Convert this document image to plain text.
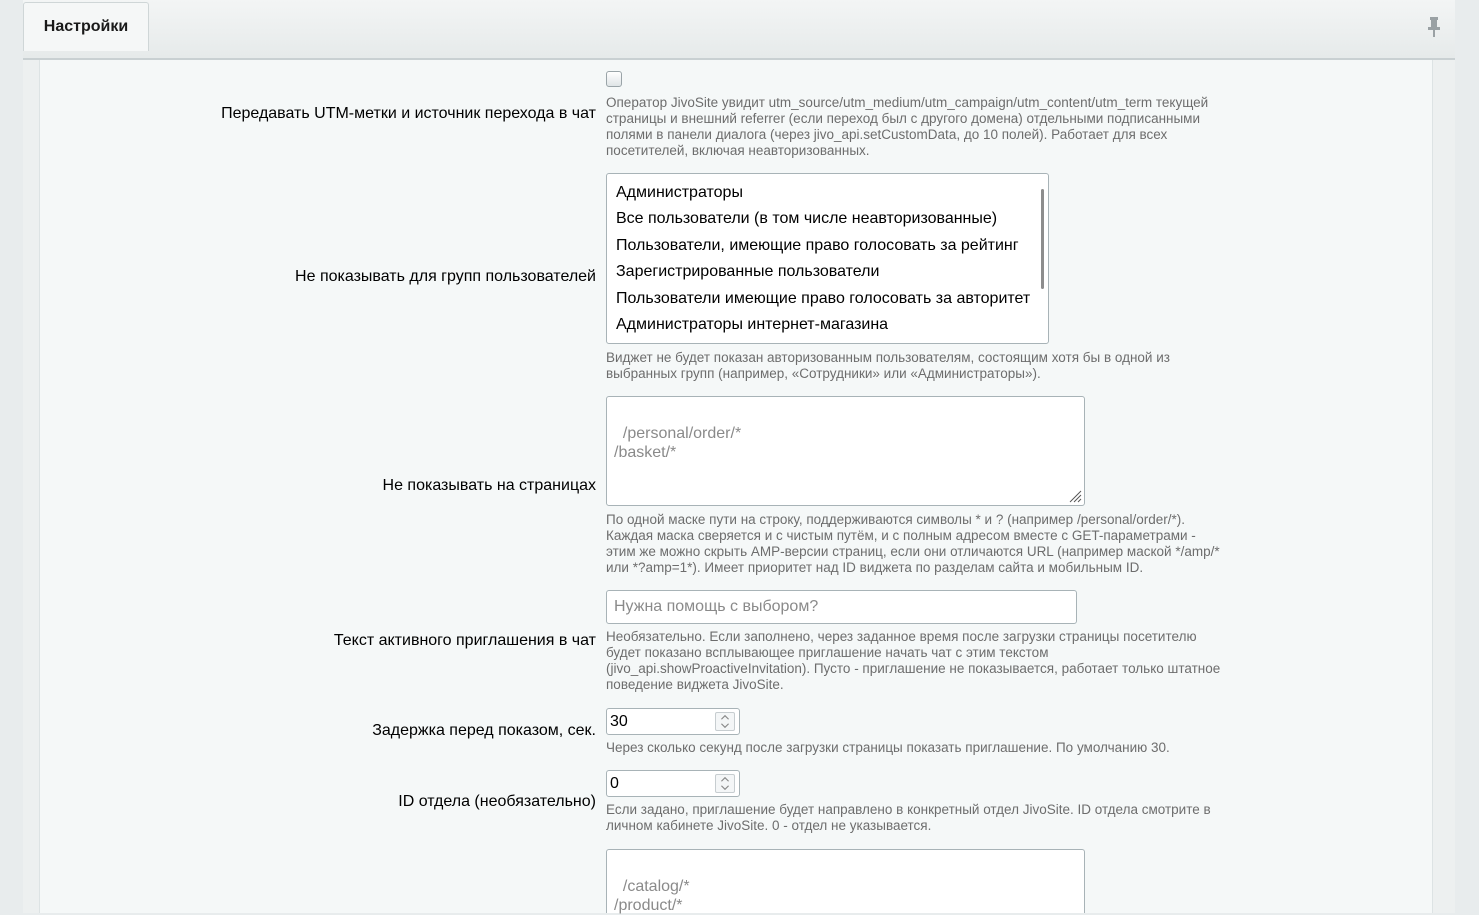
Настройки
Передавать UTM-метки и источник перехода в чат
Оператор JivoSite увидит utm_source/utm_medium/utm_campaign/utm_content/utm_term текущей страницы и внешний referrer (если переход был с другого домена) отдельными подписанными полями в панели диалога (через jivo_api.setCustomData, до 10 полей). Работает для всех посетителей, включая неавторизованных.
Не показывать для групп пользователей
Администраторы
Все пользователи (в том числе неавторизованные)
Пользователи, имеющие право голосовать за рейтинг
Зарегистрированные пользователи
Пользователи имеющие право голосовать за авторитет
Администраторы интернет-магазина
Виджет не будет показан авторизованным пользователям, состоящим хотя бы в одной из выбранных групп (например, «Сотрудники» или «Администраторы»).
Не показывать на страницах

/personal/order/*
/basket/*

По одной маске пути на строку, поддерживаются символы * и ? (например /personal/order/*). Каждая маска сверяется и с чистым путём, и с полным адресом вместе с GET-параметрами - этим же можно скрыть AMP-версии страниц, если они отличаются URL (например маской */amp/* или *?amp=1*). Имеет приоритет над ID виджета по разделам сайта и мобильным ID.
Текст активного приглашения в чат
Нужна помощь с выбором?
Необязательно. Если заполнено, через заданное время после загрузки страницы посетителю будет показано всплывающее приглашение начать чат с этим текстом (jivo_api.showProactiveInvitation). Пусто - приглашение не показывается, работает только штатное поведение виджета JivoSite.
Задержка перед показом, сек.
30
Через сколько секунд после загрузки страницы показать приглашение. По умолчанию 30.
ID отдела (необязательно)
0
Если задано, приглашение будет направлено в конкретный отдел JivoSite. ID отдела смотрите в личном кабинете JivoSite. 0 - отдел не указывается.

/catalog/*
/product/*
